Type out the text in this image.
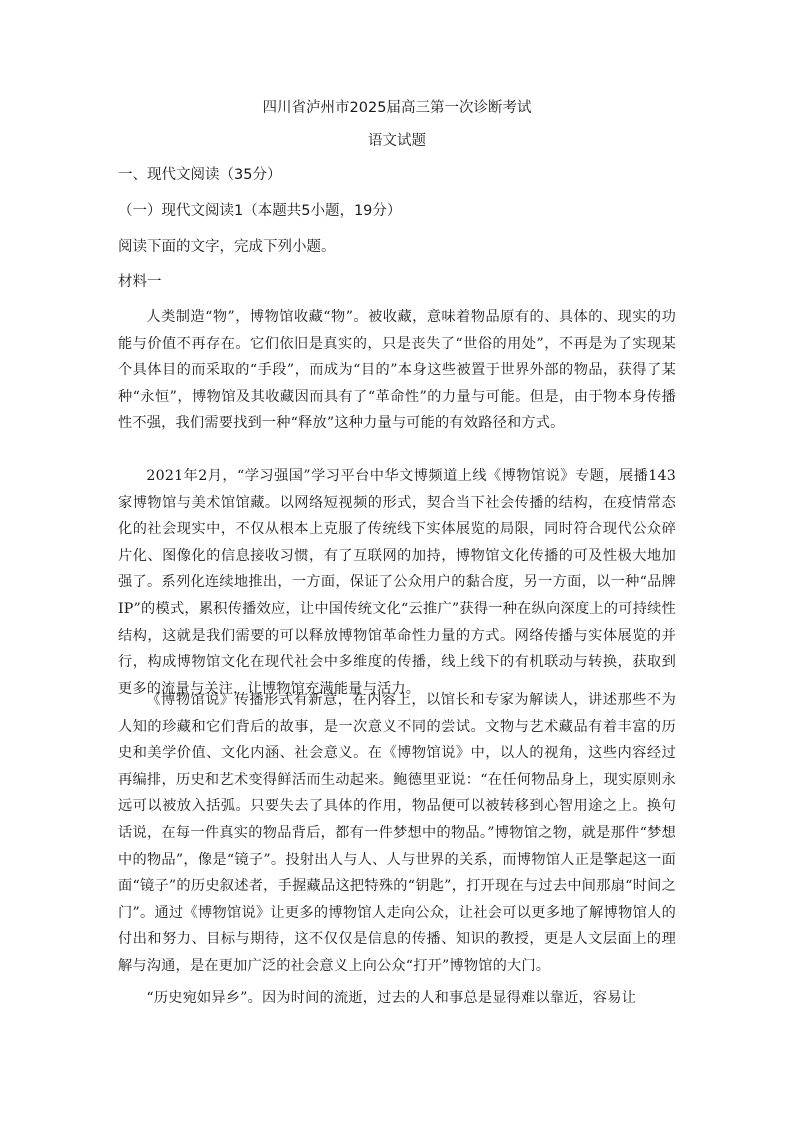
四川省泸州市2025届高三第一次诊断考试
语文试题
一、现代文阅读（35分）
（一）现代文阅读1（本题共5小题，19分）
阅读下面的文字，完成下列小题。
材料一

人类制造“物”，博物馆收藏“物”。被收藏，意味着物品原有的、具体的、现实的功能与价值不再存在。它们依旧是真实的，只是丧失了“世俗的用处”，不再是为了实现某个具体目的而采取的“手段”，而成为“目的”本身这些被置于世界外部的物品，获得了某种“永恒”，博物馆及其收藏因而具有了“革命性”的力量与可能。但是，由于物本身传播性不强，我们需要找到一种“释放”这种力量与可能的有效路径和方式。

2021年2月，“学习强国”学习平台中华文博频道上线《博物馆说》专题，展播143家博物馆与美术馆馆藏。以网络短视频的形式，契合当下社会传播的结构，在疫情常态化的社会现实中，不仅从根本上克服了传统线下实体展览的局限，同时符合现代公众碎片化、图像化的信息接收习惯，有了互联网的加持，博物馆文化传播的可及性极大地加强了。系列化连续地推出，一方面，保证了公众用户的黏合度，另一方面，以一种“品牌IP”的模式，累积传播效应，让中国传统文化“云推广”获得一种在纵向深度上的可持续性结构，这就是我们需要的可以释放博物馆革命性力量的方式。网络传播与实体展览的并行，构成博物馆文化在现代社会中多维度的传播，线上线下的有机联动与转换，获取到更多的流量与关注，让博物馆充满能量与活力。

《博物馆说》传播形式有新意，在内容上，以馆长和专家为解读人，讲述那些不为人知的珍藏和它们背后的故事，是一次意义不同的尝试。文物与艺术藏品有着丰富的历史和美学价值、文化内涵、社会意义。在《博物馆说》中，以人的视角，这些内容经过再编排，历史和艺术变得鲜活而生动起来。鲍德里亚说：“在任何物品身上，现实原则永远可以被放入括弧。只要失去了具体的作用，物品便可以被转移到心智用途之上。换句话说，在每一件真实的物品背后，都有一件梦想中的物品。”博物馆之物，就是那件“梦想中的物品”，像是“镜子”。投射出人与人、人与世界的关系，而博物馆人正是擎起这一面面“镜子”的历史叙述者，手握藏品这把特殊的“钥匙”，打开现在与过去中间那扇“时间之门”。通过《博物馆说》让更多的博物馆人走向公众，让社会可以更多地了解博物馆人的付出和努力、目标与期待，这不仅仅是信息的传播、知识的教授，更是人文层面上的理解与沟通，是在更加广泛的社会意义上向公众“打开”博物馆的大门。

“历史宛如异乡”。因为时间的流逝，过去的人和事总是显得难以靠近，容易让
